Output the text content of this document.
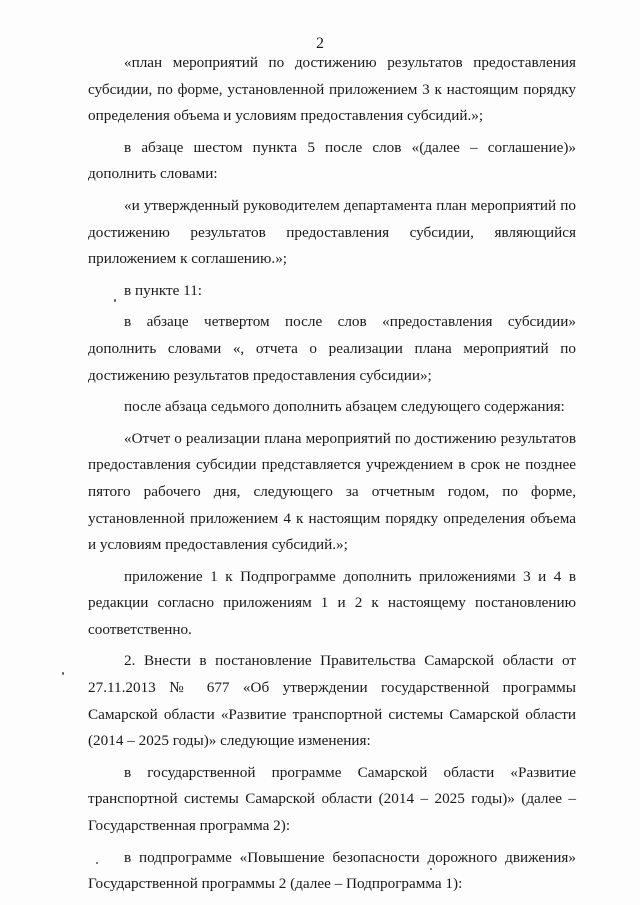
2

«план мероприятий по достижению результатов предоставления субсидии, по форме, установленной приложением 3 к настоящим порядку определения объема и условиям предоставления субсидий.»;

в абзаце шестом пункта 5 после слов «(далее – соглашение)» дополнить словами:

«и утвержденный руководителем департамента план мероприятий по достижению результатов предоставления субсидии, являющийся приложением к соглашению.»;

в пункте 11:

в абзаце четвертом после слов «предоставления субсидии» дополнить словами «, отчета о реализации плана мероприятий по достижению результатов предоставления субсидии»;

после абзаца седьмого дополнить абзацем следующего содержания:

«Отчет о реализации плана мероприятий по достижению результатов предоставления субсидии представляется учреждением в срок не позднее пятого рабочего дня, следующего за отчетным годом, по форме, установленной приложением 4 к настоящим порядку определения объема и условиям предоставления субсидий.»;

приложение 1 к Подпрограмме дополнить приложениями 3 и 4 в редакции согласно приложениям 1 и 2 к настоящему постановлению соответственно.

2. Внести в постановление Правительства Самарской области от 27.11.2013 № 677 «Об утверждении государственной программы Самарской области «Развитие транспортной системы Самарской области (2014 – 2025 годы)» следующие изменения:

в государственной программе Самарской области «Развитие транспортной системы Самарской области (2014 – 2025 годы)» (далее – Государственная программа 2):

в подпрограмме «Повышение безопасности дорожного движения» Государственной программы 2 (далее – Подпрограмма 1):
